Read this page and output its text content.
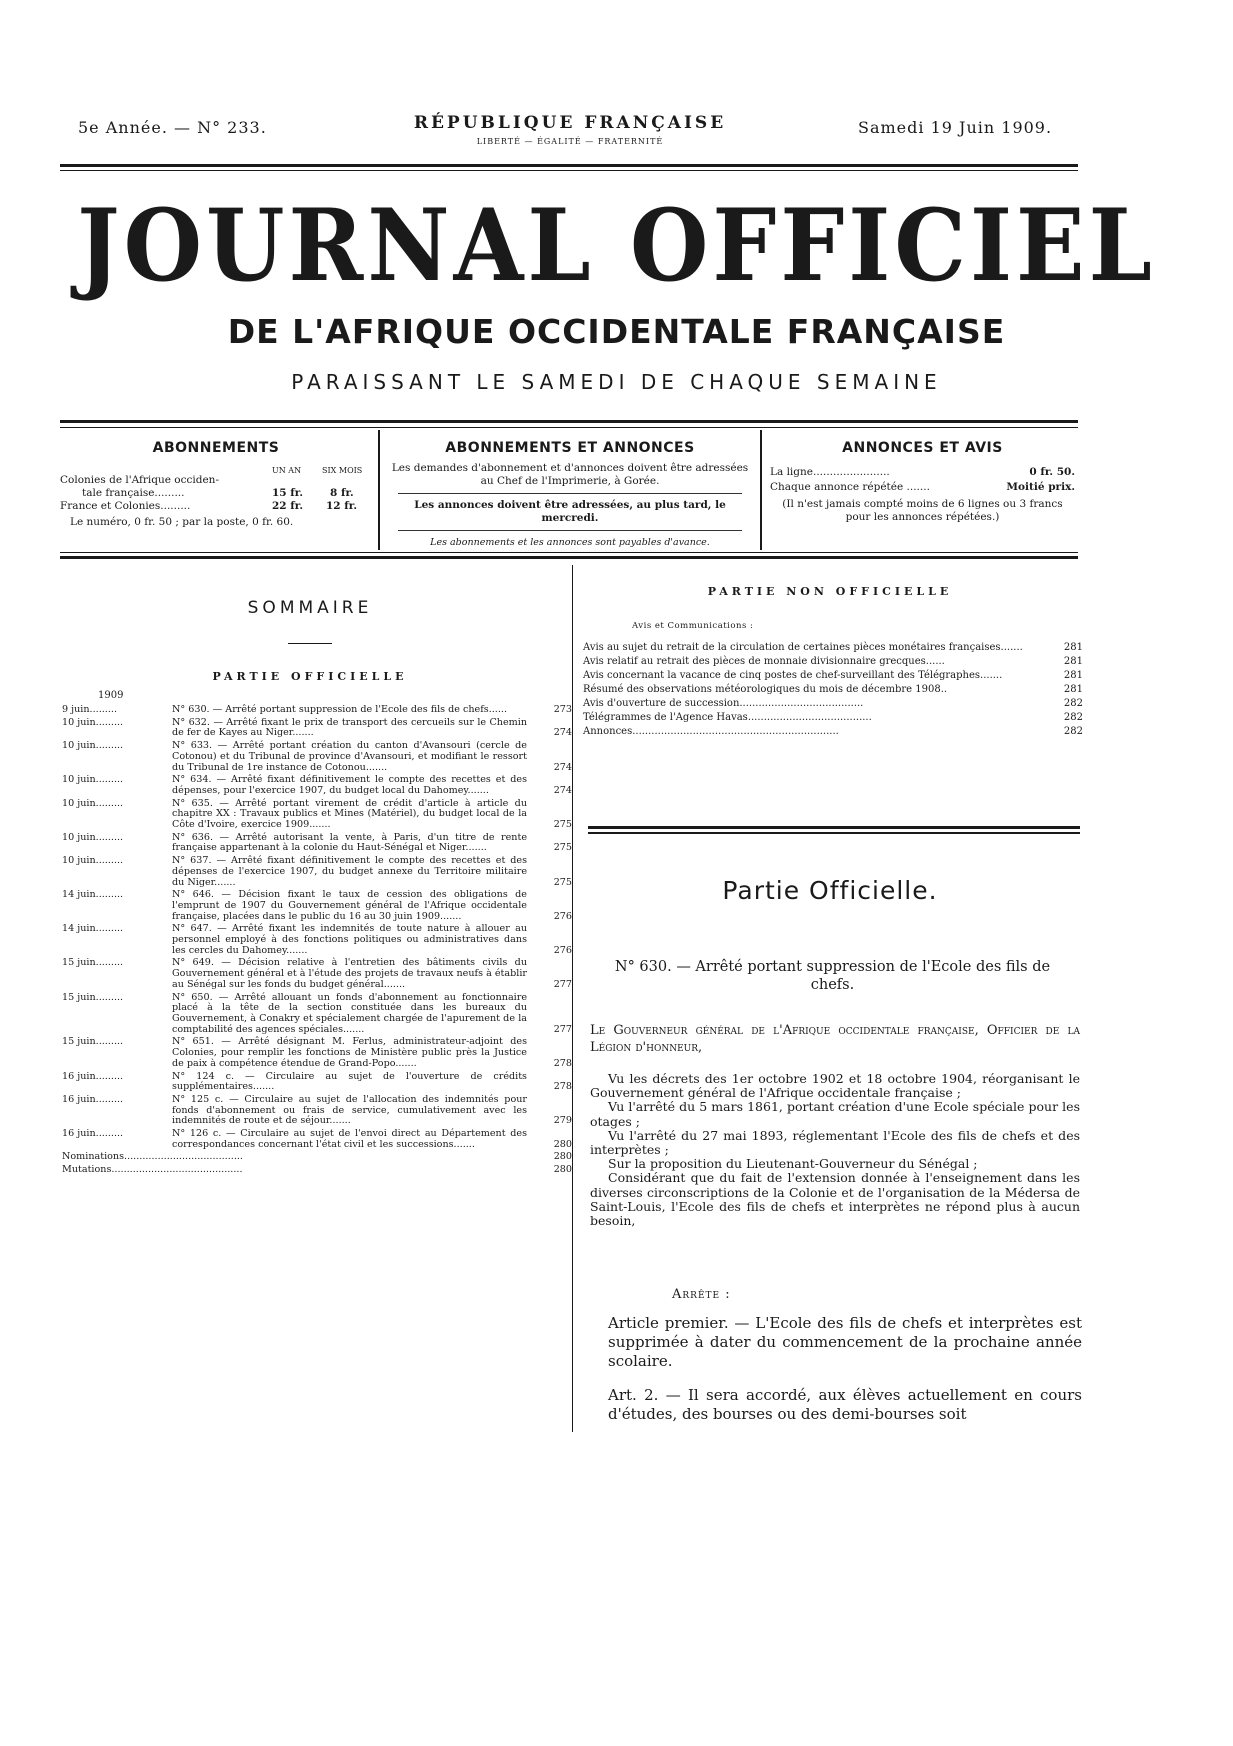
5e Année. — N° 233.	RÉPUBLIQUE FRANÇAISE
LIBERTÉ — ÉGALITÉ — FRATERNITÉ
Samedi 19 Juin 1909.
JOURNAL OFFICIEL
DE L'AFRIQUE OCCIDENTALE FRANÇAISE
PARAISSANT LE SAMEDI DE CHAQUE SEMAINE
ABONNEMENTS
UN AN	SIX MOIS
Colonies de l'Afrique occiden-
tale française.........	15 fr.	8 fr.
France et Colonies.........	22 fr. 12 fr.
Le numéro, 0 fr. 50 ; par la poste, 0 fr. 60.
ABONNEMENTS ET ANNONCES
Les demandes d'abonnement et d'annonces doivent être adressées au Chef de l'Imprimerie, à Gorée.
Les annonces doivent être adressées, au plus tard, le mercredi.
Les abonnements et les annonces sont payables d'avance.
ANNONCES ET AVIS
La ligne.......................	0 fr. 50.
Chaque annonce répétée .......	Moitié prix.
(Il n'est jamais compté moins de 6 lignes ou 3 francs pour les annonces répétées.)
SOMMAIRE
PARTIE OFFICIELLE
1909
9 juin.........	N° 630. — Arrêté portant suppression de l'Ecole des fils de chefs......	273
10 juin.........	N° 632. — Arrêté fixant le prix de transport des cercueils sur le Chemin de fer de Kayes au Niger.......	274
10 juin.........	N° 633. — Arrêté portant création du canton d'Avansouri (cercle de Cotonou) et du Tribunal de province d'Avansouri, et modifiant le ressort du Tribunal de 1re instance de Cotonou.......	274
10 juin.........	N° 634. — Arrêté fixant définitivement le compte des recettes et des dépenses, pour l'exercice 1907, du budget local du Dahomey.......	274
10 juin.........	N° 635. — Arrêté portant virement de crédit d'article à article du chapitre XX : Travaux publics et Mines (Matériel), du budget local de la Côte d'Ivoire, exercice 1909.......	275
10 juin.........	N° 636. — Arrêté autorisant la vente, à Paris, d'un titre de rente française appartenant à la colonie du Haut-Sénégal et Niger.......	275
10 juin.........	N° 637. — Arrêté fixant définitivement le compte des recettes et des dépenses de l'exercice 1907, du budget annexe du Territoire militaire du Niger.......	275
14 juin.........	N° 646. — Décision fixant le taux de cession des obligations de l'emprunt de 1907 du Gouvernement général de l'Afrique occidentale française, placées dans le public du 16 au 30 juin 1909.......	276
14 juin.........	N° 647. — Arrêté fixant les indemnités de toute nature à allouer au personnel employé à des fonctions politiques ou administratives dans les cercles du Dahomey.......	276
15 juin.........	N° 649. — Décision relative à l'entretien des bâtiments civils du Gouvernement général et à l'étude des projets de travaux neufs à établir au Sénégal sur les fonds du budget général.......	277
15 juin.........	N° 650. — Arrêté allouant un fonds d'abonnement au fonctionnaire placé à la tête de la section constituée dans les bureaux du Gouvernement, à Conakry et spécialement chargée de l'apurement de la comptabilité des agences spéciales.......	277
15 juin.........	N° 651. — Arrêté désignant M. Ferlus, administrateur-adjoint des Colonies, pour remplir les fonctions de Ministère public près la Justice de paix à compétence étendue de Grand-Popo.......	278
16 juin.........	N° 124 c. — Circulaire au sujet de l'ouverture de crédits supplémentaires.......	278
16 juin.........	N° 125 c. — Circulaire au sujet de l'allocation des indemnités pour fonds d'abonnement ou frais de service, cumulativement avec les indemnités de route et de séjour.......	279
16 juin.........	N° 126 c. — Circulaire au sujet de l'envoi direct au Département des correspondances concernant l'état civil et les successions.......	280
Nominations.......................................	280
Mutations...........................................	280
PARTIE NON OFFICIELLE
Avis et Communications :
Avis au sujet du retrait de la circulation de certaines pièces monétaires françaises.......	281
Avis relatif au retrait des pièces de monnaie divisionnaire grecques......	281
Avis concernant la vacance de cinq postes de chef-surveillant des Télégraphes.......	281
Résumé des observations météorologiques du mois de décembre 1908..	281
Avis d'ouverture de succession.......................................	282
Télégrammes de l'Agence Havas.......................................	282
Annonces.................................................................	282
Partie Officielle.
N° 630. — Arrêté portant suppression de l'Ecole des fils de chefs.
Le Gouverneur général de l'Afrique occidentale française, Officier de la Légion d'honneur,

Vu les décrets des 1er octobre 1902 et 18 octobre 1904, réorganisant le Gouvernement général de l'Afrique occidentale française ;

Vu l'arrêté du 5 mars 1861, portant création d'une Ecole spéciale pour les otages ;

Vu l'arrêté du 27 mai 1893, réglementant l'Ecole des fils de chefs et des interprètes ;

Sur la proposition du Lieutenant-Gouverneur du Sénégal ;

Considérant que du fait de l'extension donnée à l'enseignement dans les diverses circonscriptions de la Colonie et de l'organisation de la Médersa de Saint-Louis, l'Ecole des fils de chefs et interprètes ne répond plus à aucun besoin,

Arrête :
Article premier. — L'Ecole des fils de chefs et interprètes est supprimée à dater du commencement de la prochaine année scolaire.
Art. 2. — Il sera accordé, aux élèves actuellement en cours d'études, des bourses ou des demi-bourses soit
